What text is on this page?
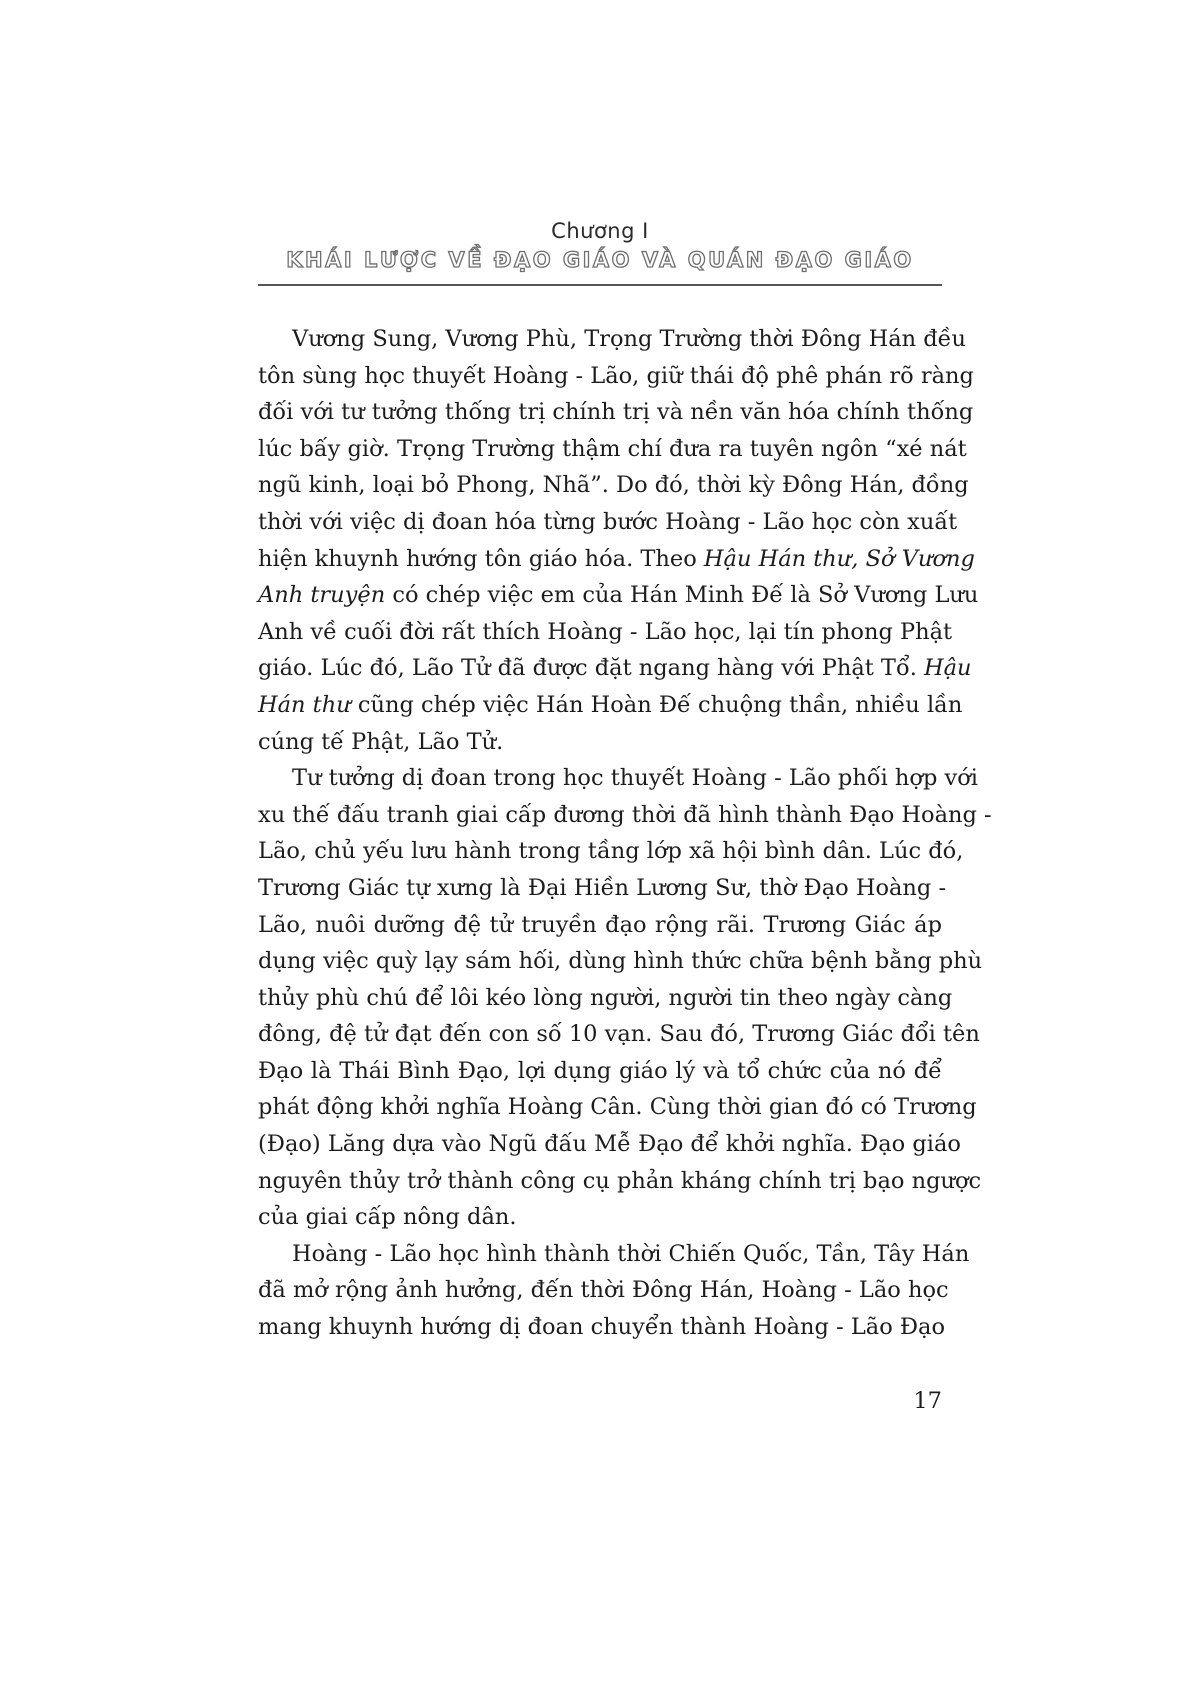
Chương I
KHÁI LƯỢC VỀ ĐẠO GIÁO VÀ QUÁN ĐẠO GIÁO

Vương Sung, Vương Phù, Trọng Trường thời Đông Hán đều
tôn sùng học thuyết Hoàng - Lão, giữ thái độ phê phán rõ ràng
đối với tư tưởng thống trị chính trị và nền văn hóa chính thống
lúc bấy giờ. Trọng Trường thậm chí đưa ra tuyên ngôn “xé nát
ngũ kinh, loại bỏ Phong, Nhã”. Do đó, thời kỳ Đông Hán, đồng
thời với việc dị đoan hóa từng bước Hoàng - Lão học còn xuất
hiện khuynh hướng tôn giáo hóa. Theo Hậu Hán thư, Sở Vương
Anh truyện có chép việc em của Hán Minh Đế là Sở Vương Lưu
Anh về cuối đời rất thích Hoàng - Lão học, lại tín phong Phật
giáo. Lúc đó, Lão Tử đã được đặt ngang hàng với Phật Tổ. Hậu
Hán thư cũng chép việc Hán Hoàn Đế chuộng thần, nhiều lần
cúng tế Phật, Lão Tử.

Tư tưởng dị đoan trong học thuyết Hoàng - Lão phối hợp với
xu thế đấu tranh giai cấp đương thời đã hình thành Đạo Hoàng -
Lão, chủ yếu lưu hành trong tầng lớp xã hội bình dân. Lúc đó,
Trương Giác tự xưng là Đại Hiền Lương Sư, thờ Đạo Hoàng -
Lão, nuôi dưỡng đệ tử truyền đạo rộng rãi. Trương Giác áp
dụng việc quỳ lạy sám hối, dùng hình thức chữa bệnh bằng phù
thủy phù chú để lôi kéo lòng người, người tin theo ngày càng
đông, đệ tử đạt đến con số 10 vạn. Sau đó, Trương Giác đổi tên
Đạo là Thái Bình Đạo, lợi dụng giáo lý và tổ chức của nó để
phát động khởi nghĩa Hoàng Cân. Cùng thời gian đó có Trương
(Đạo) Lăng dựa vào Ngũ đấu Mễ Đạo để khởi nghĩa. Đạo giáo
nguyên thủy trở thành công cụ phản kháng chính trị bạo ngược
của giai cấp nông dân.

Hoàng - Lão học hình thành thời Chiến Quốc, Tần, Tây Hán
đã mở rộng ảnh hưởng, đến thời Đông Hán, Hoàng - Lão học
mang khuynh hướng dị đoan chuyển thành Hoàng - Lão Đạo

17
